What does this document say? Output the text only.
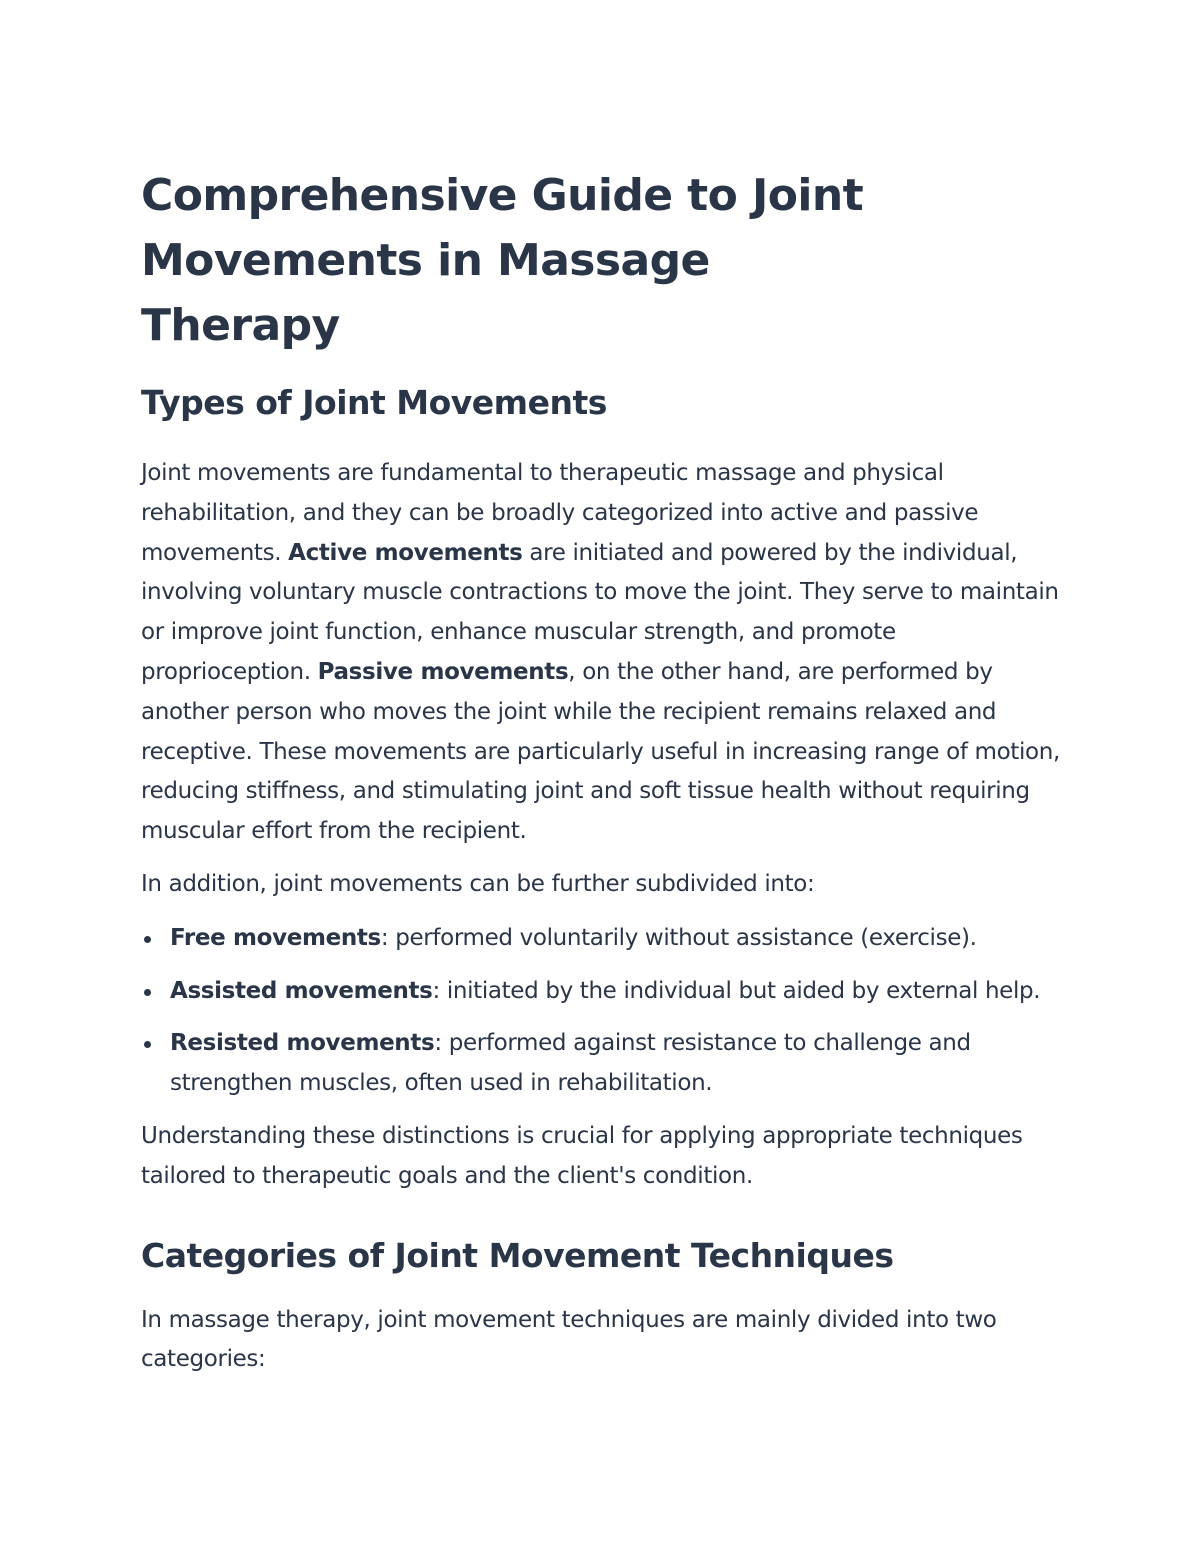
Comprehensive Guide to Joint Movements in Massage Therapy
Types of Joint Movements

Joint movements are fundamental to therapeutic massage and physical rehabilitation, and they can be broadly categorized into active and passive movements. Active movements are initiated and powered by the individual, involving voluntary muscle contractions to move the joint. They serve to maintain or improve joint function, enhance muscular strength, and promote proprioception. Passive movements, on the other hand, are performed by another person who moves the joint while the recipient remains relaxed and receptive. These movements are particularly useful in increasing range of motion, reducing stiffness, and stimulating joint and soft tissue health without requiring muscular effort from the recipient.

In addition, joint movements can be further subdivided into:

Free movements: performed voluntarily without assistance (exercise).
Assisted movements: initiated by the individual but aided by external help.
Resisted movements: performed against resistance to challenge and strengthen muscles, often used in rehabilitation.

Understanding these distinctions is crucial for applying appropriate techniques tailored to therapeutic goals and the client's condition.

Categories of Joint Movement Techniques

In massage therapy, joint movement techniques are mainly divided into two categories:
